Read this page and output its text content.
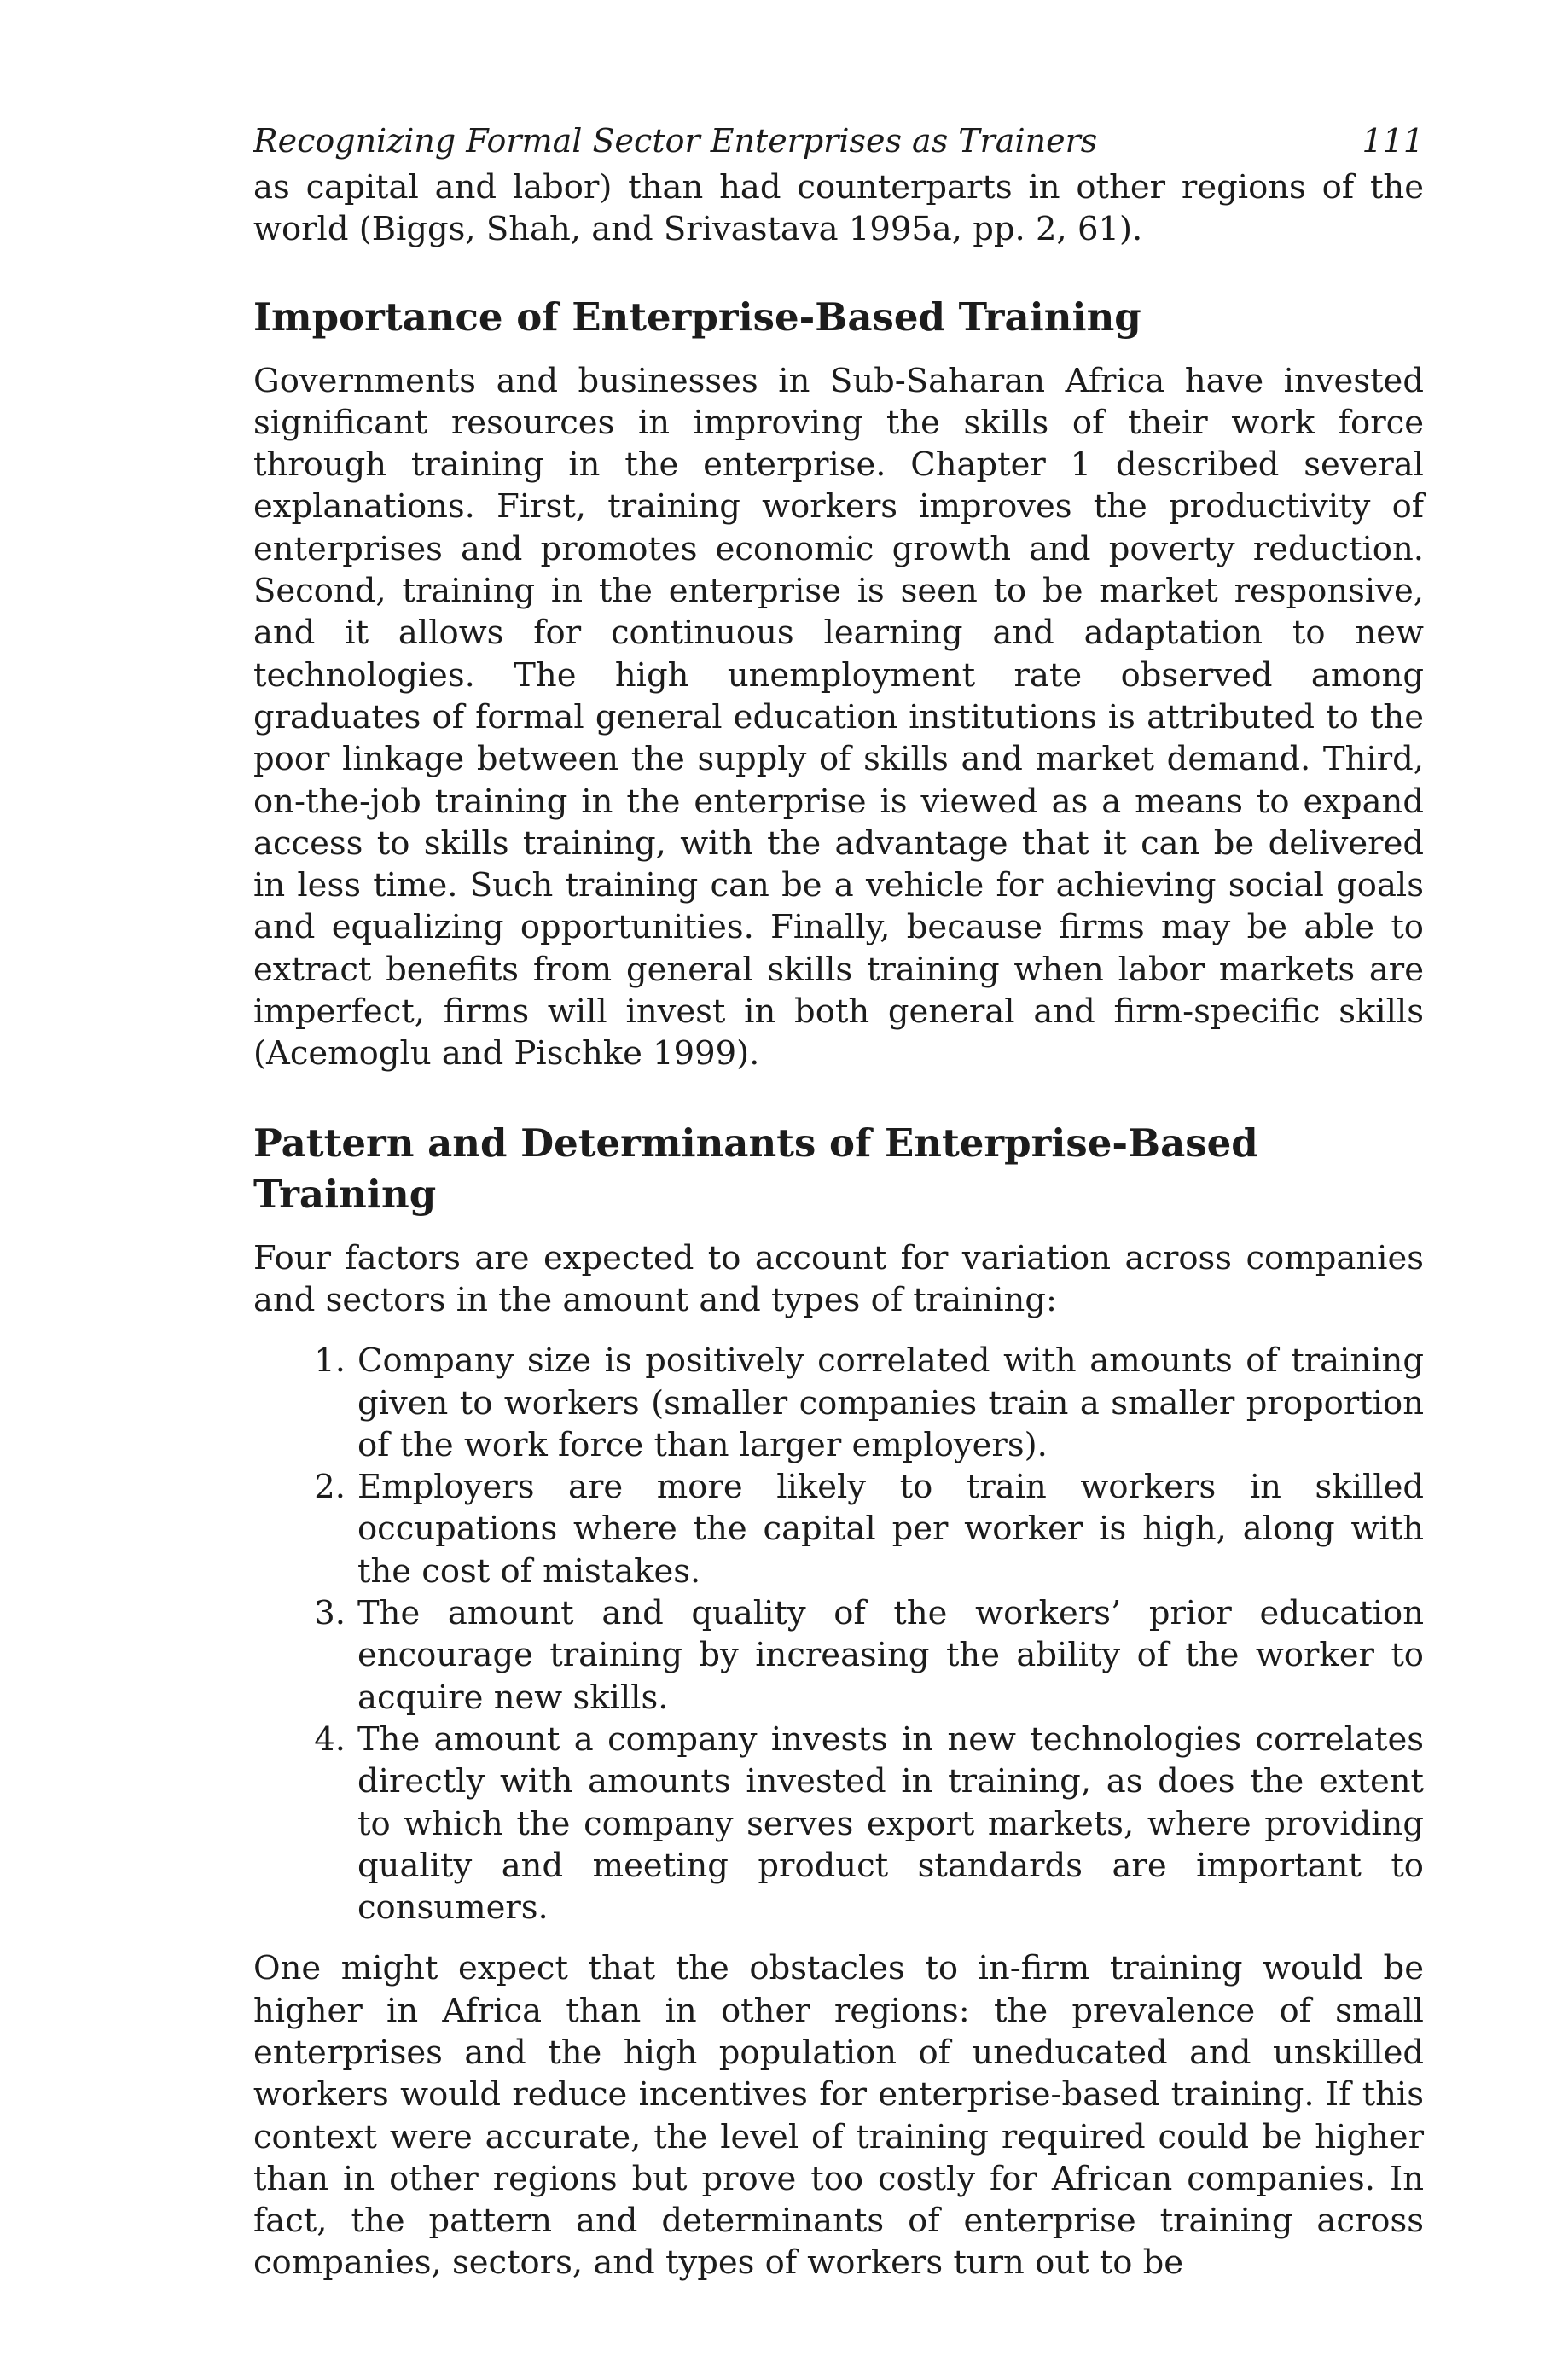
Recognizing Formal Sector Enterprises as Trainers	111

as capital and labor) than had counterparts in other regions of the world (Biggs, Shah, and Srivastava 1995a, pp. 2, 61).

Importance of Enterprise-Based Training

Governments and businesses in Sub-Saharan Africa have invested significant resources in improving the skills of their work force through training in the enterprise. Chapter 1 described several explanations. First, training workers improves the productivity of enterprises and promotes economic growth and poverty reduction. Second, training in the enterprise is seen to be market responsive, and it allows for continuous learning and adaptation to new technologies. The high unemployment rate observed among graduates of formal general education institutions is attributed to the poor linkage between the supply of skills and market demand. Third, on-the-job training in the enterprise is viewed as a means to expand access to skills training, with the advantage that it can be delivered in less time. Such training can be a vehicle for achieving social goals and equalizing opportunities. Finally, because firms may be able to extract benefits from general skills training when labor markets are imperfect, firms will invest in both general and firm-specific skills (Acemoglu and Pischke 1999).

Pattern and Determinants of Enterprise-Based Training

Four factors are expected to account for variation across companies and sectors in the amount and types of training:

1. Company size is positively correlated with amounts of training given to workers (smaller companies train a smaller proportion of the work force than larger employers).
2. Employers are more likely to train workers in skilled occupations where the capital per worker is high, along with the cost of mistakes.
3. The amount and quality of the workers’ prior education encourage training by increasing the ability of the worker to acquire new skills.
4. The amount a company invests in new technologies correlates directly with amounts invested in training, as does the extent to which the company serves export markets, where providing quality and meeting product standards are important to consumers.

One might expect that the obstacles to in-firm training would be higher in Africa than in other regions: the prevalence of small enterprises and the high population of uneducated and unskilled workers would reduce incentives for enterprise-based training. If this context were accurate, the level of training required could be higher than in other regions but prove too costly for African companies. In fact, the pattern and determinants of enterprise training across companies, sectors, and types of workers turn out to be
